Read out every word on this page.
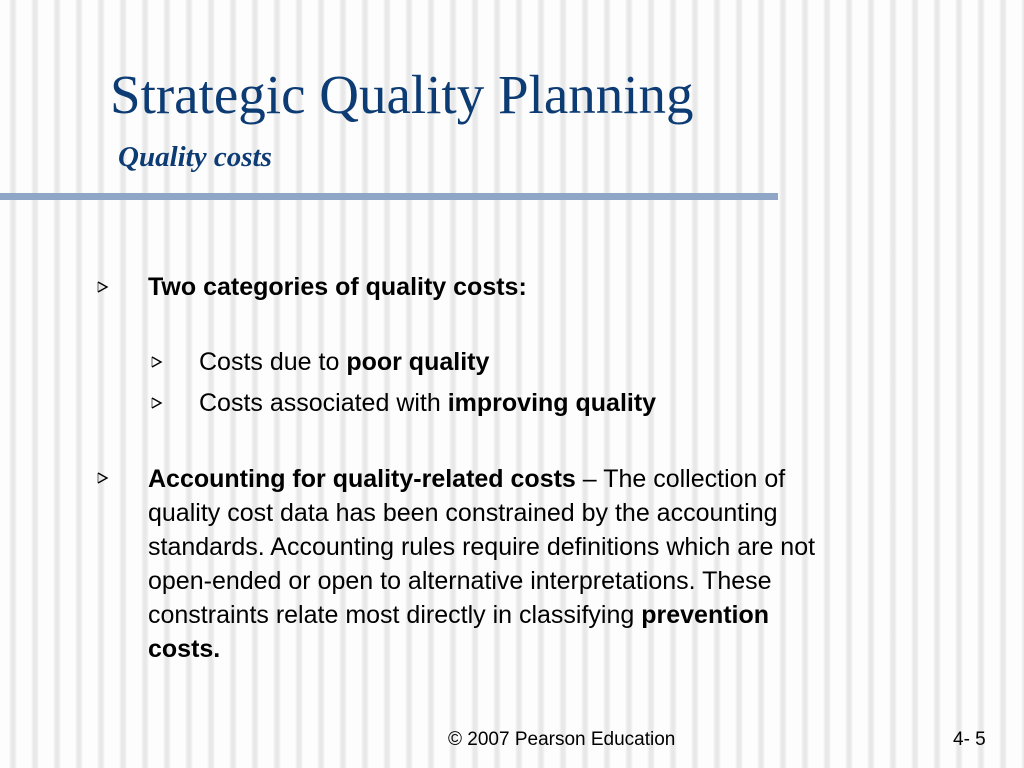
Strategic Quality Planning
Quality costs
Two categories of quality costs:
Costs due to poor quality
Costs associated with improving quality
Accounting for quality-related costs – The collection of
quality cost data has been constrained by the accounting
standards. Accounting rules require definitions which are not
open-ended or open to alternative interpretations. These
constraints relate most directly in classifying prevention
costs.
© 2007 Pearson Education	4- 5
